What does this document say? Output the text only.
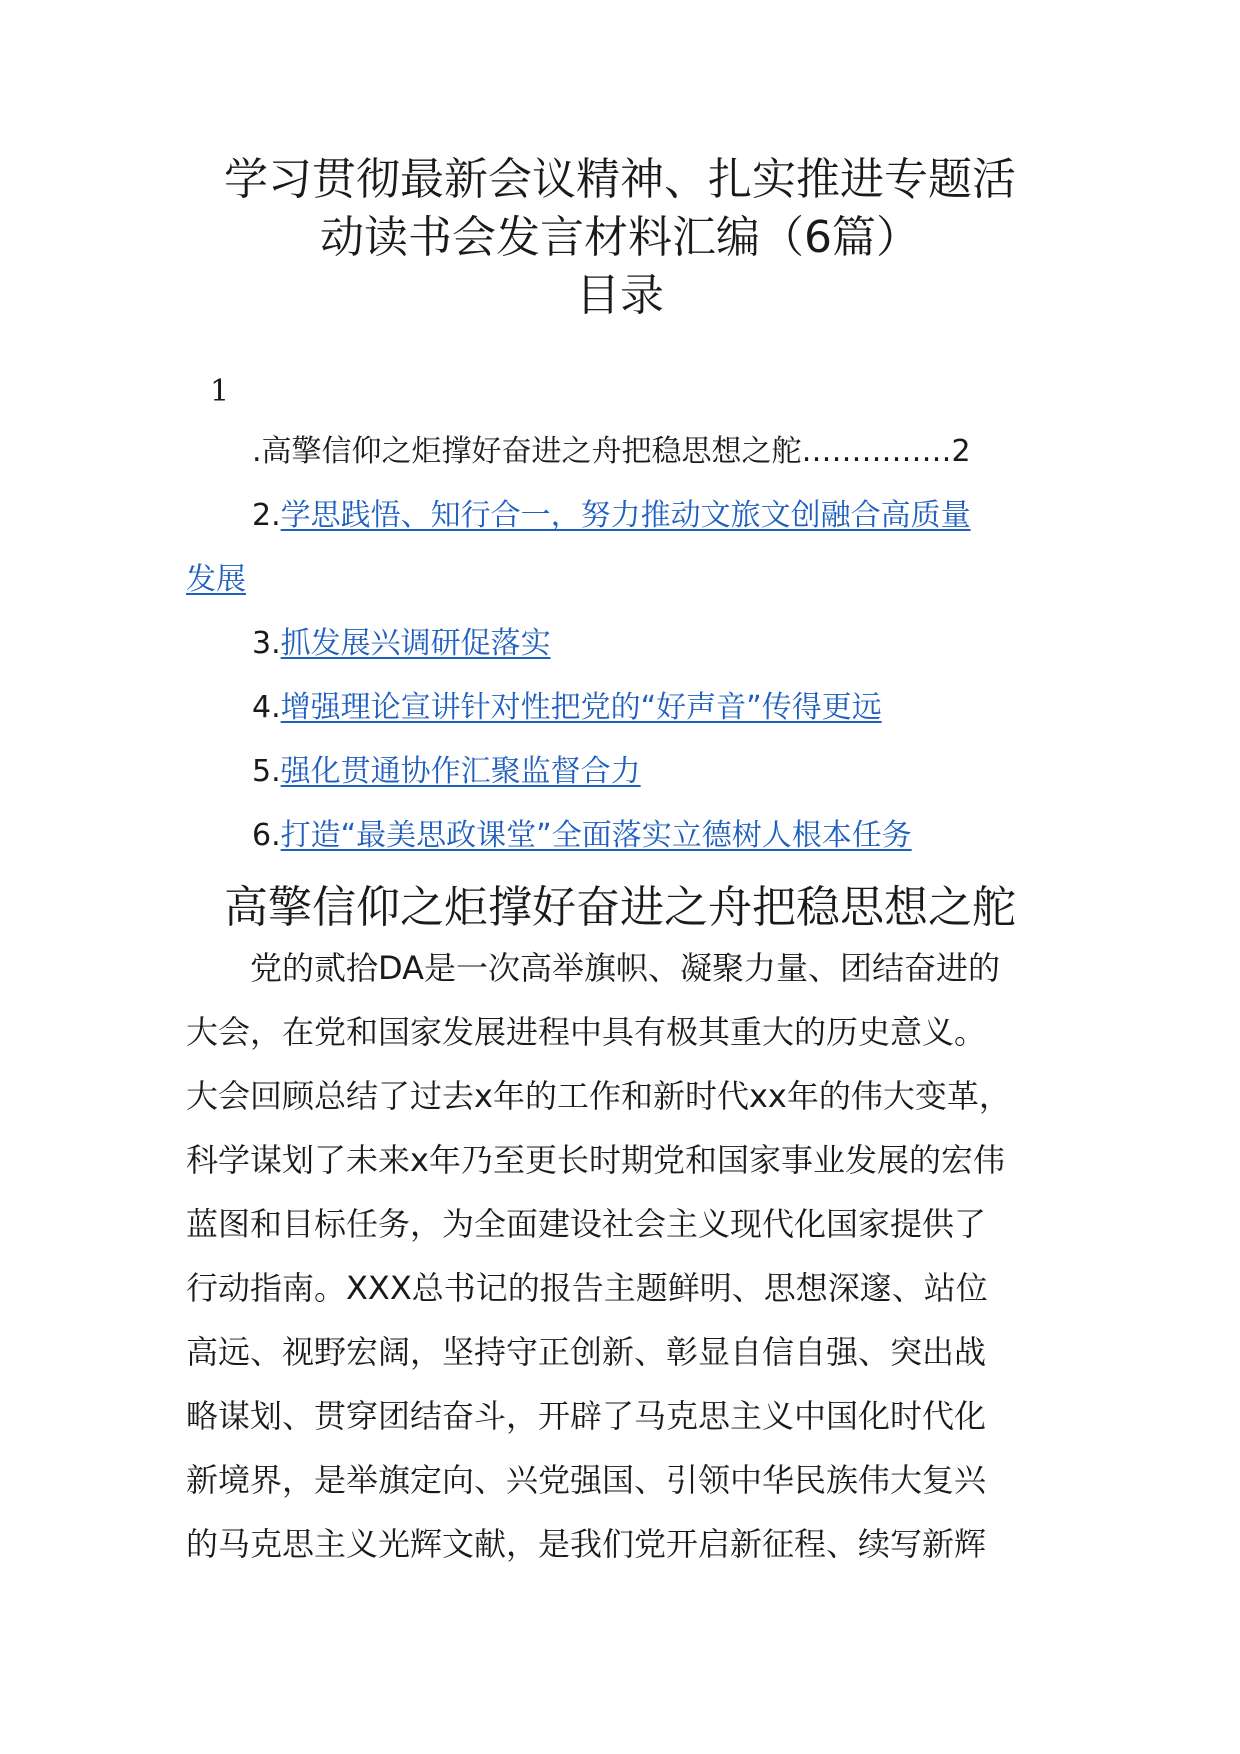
学习贯彻最新会议精神、扎实推进专题活
动读书会发言材料汇编（6篇）
目录
1
.高擎信仰之炬撑好奋进之舟把稳思想之舵……………2
2.学思践悟、知行合一，努力推动文旅文创融合高质量
发展
3.抓发展兴调研促落实
4.增强理论宣讲针对性把党的“好声音”传得更远
5.强化贯通协作汇聚监督合力
6.打造“最美思政课堂”全面落实立德树人根本任务
高擎信仰之炬撑好奋进之舟把稳思想之舵
　　党的贰拾DA是一次高举旗帜、凝聚力量、团结奋进的
大会，在党和国家发展进程中具有极其重大的历史意义。
大会回顾总结了过去x年的工作和新时代xx年的伟大变革，
科学谋划了未来x年乃至更长时期党和国家事业发展的宏伟
蓝图和目标任务，为全面建设社会主义现代化国家提供了
行动指南。XXX总书记的报告主题鲜明、思想深邃、站位
高远、视野宏阔，坚持守正创新、彰显自信自强、突出战
略谋划、贯穿团结奋斗，开辟了马克思主义中国化时代化
新境界，是举旗定向、兴党强国、引领中华民族伟大复兴
的马克思主义光辉文献，是我们党开启新征程、续写新辉
